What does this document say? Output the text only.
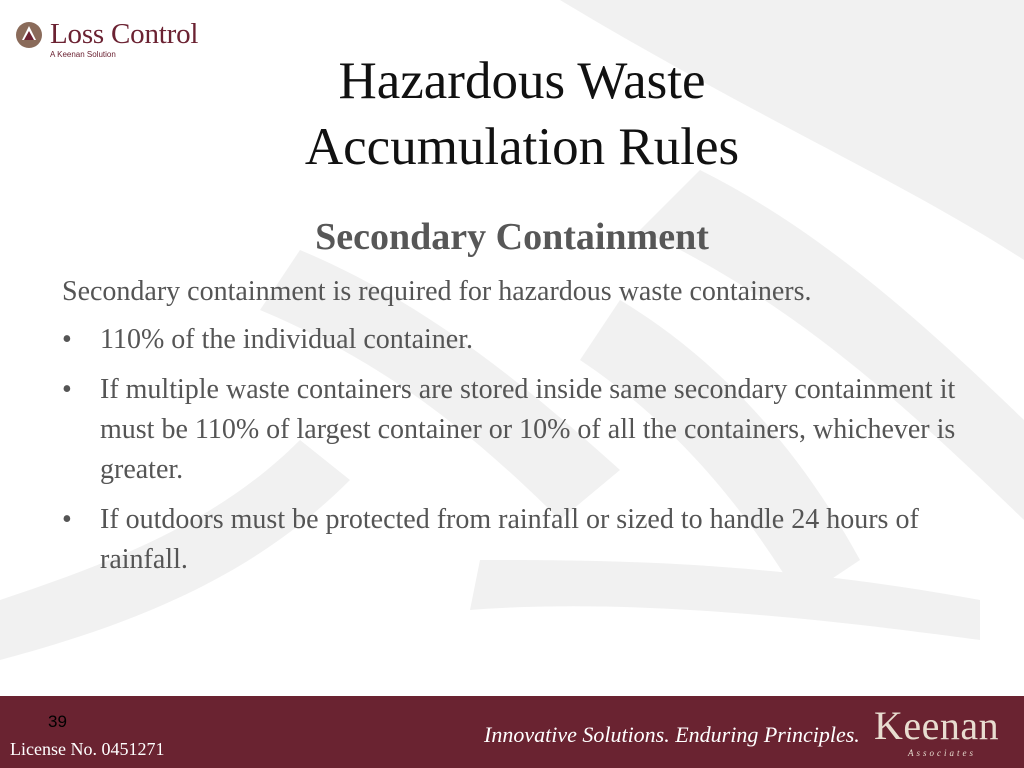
Loss Control
A Keenan Solution	Hazardous Waste
Accumulation Rules
Secondary Containment
Secondary containment is required for hazardous waste containers.
• 110% of the individual container.
• If multiple waste containers are stored inside same secondary containment it must be 110% of largest container or 10% of all the containers, whichever is greater.
• If outdoors must be protected from rainfall or sized to handle 24 hours of rainfall.
39
License No. 0451271
Innovative Solutions. Enduring Principles. Keenan
Associates
